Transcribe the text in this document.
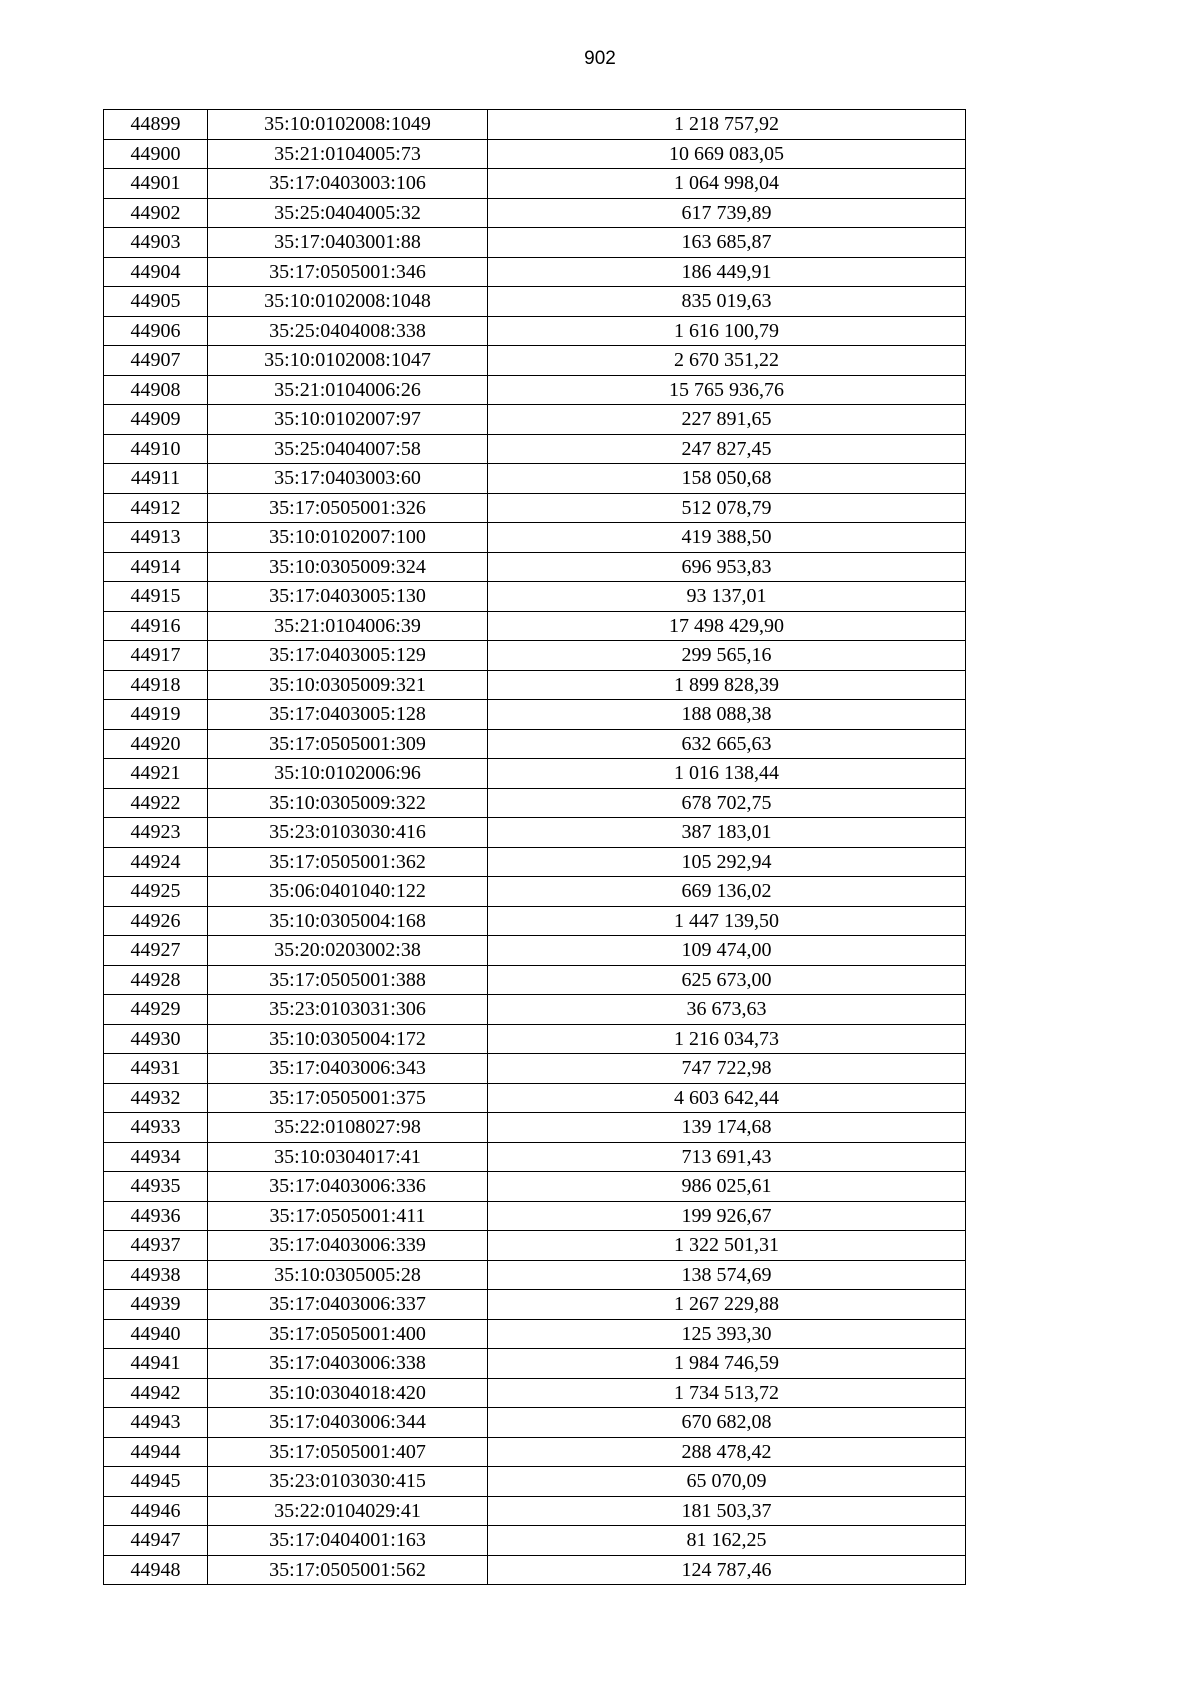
902
44899	35:10:0102008:1049	1 218 757,92
44900	35:21:0104005:73	10 669 083,05
44901	35:17:0403003:106	1 064 998,04
44902	35:25:0404005:32	617 739,89
44903	35:17:0403001:88	163 685,87
44904	35:17:0505001:346	186 449,91
44905	35:10:0102008:1048	835 019,63
44906	35:25:0404008:338	1 616 100,79
44907	35:10:0102008:1047	2 670 351,22
44908	35:21:0104006:26	15 765 936,76
44909	35:10:0102007:97	227 891,65
44910	35:25:0404007:58	247 827,45
44911	35:17:0403003:60	158 050,68
44912	35:17:0505001:326	512 078,79
44913	35:10:0102007:100	419 388,50
44914	35:10:0305009:324	696 953,83
44915	35:17:0403005:130	93 137,01
44916	35:21:0104006:39	17 498 429,90
44917	35:17:0403005:129	299 565,16
44918	35:10:0305009:321	1 899 828,39
44919	35:17:0403005:128	188 088,38
44920	35:17:0505001:309	632 665,63
44921	35:10:0102006:96	1 016 138,44
44922	35:10:0305009:322	678 702,75
44923	35:23:0103030:416	387 183,01
44924	35:17:0505001:362	105 292,94
44925	35:06:0401040:122	669 136,02
44926	35:10:0305004:168	1 447 139,50
44927	35:20:0203002:38	109 474,00
44928	35:17:0505001:388	625 673,00
44929	35:23:0103031:306	36 673,63
44930	35:10:0305004:172	1 216 034,73
44931	35:17:0403006:343	747 722,98
44932	35:17:0505001:375	4 603 642,44
44933	35:22:0108027:98	139 174,68
44934	35:10:0304017:41	713 691,43
44935	35:17:0403006:336	986 025,61
44936	35:17:0505001:411	199 926,67
44937	35:17:0403006:339	1 322 501,31
44938	35:10:0305005:28	138 574,69
44939	35:17:0403006:337	1 267 229,88
44940	35:17:0505001:400	125 393,30
44941	35:17:0403006:338	1 984 746,59
44942	35:10:0304018:420	1 734 513,72
44943	35:17:0403006:344	670 682,08
44944	35:17:0505001:407	288 478,42
44945	35:23:0103030:415	65 070,09
44946	35:22:0104029:41	181 503,37
44947	35:17:0404001:163	81 162,25
44948	35:17:0505001:562	124 787,46
